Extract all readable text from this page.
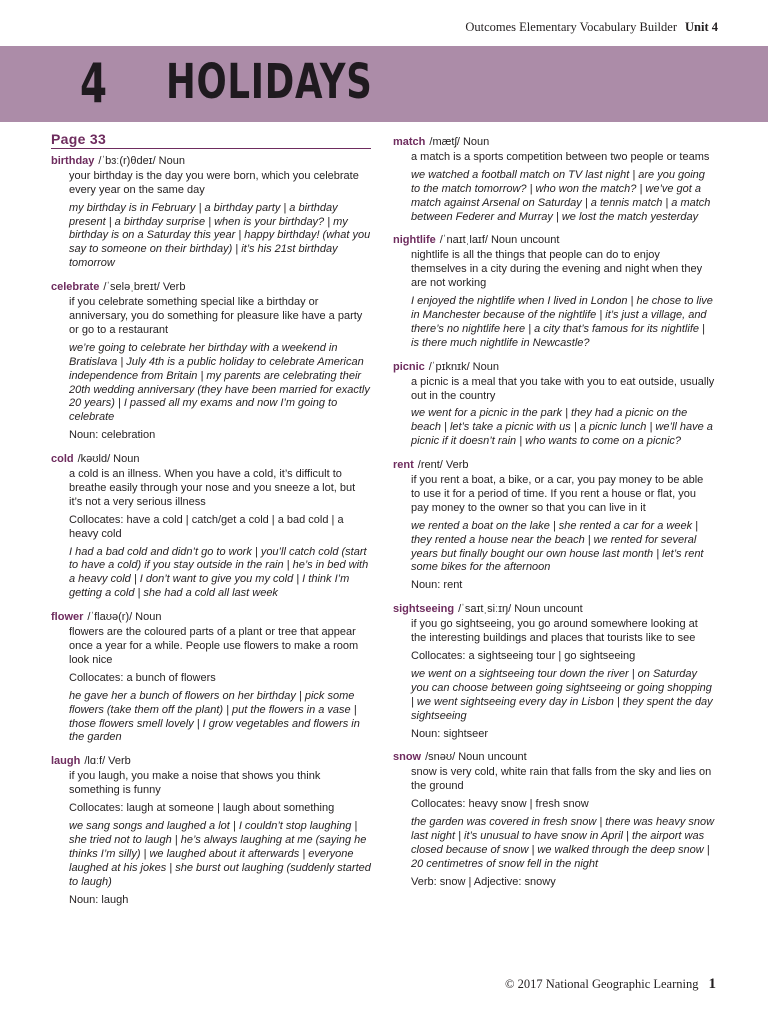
Outcomes Elementary Vocabulary Builder Unit 4
4 HOLIDAYS
Page 33
birthday /ˈbɜː(r)θdeɪ/ Noun
your birthday is the day you were born, which you celebrate every year on the same day
my birthday is in February | a birthday party | a birthday present | a birthday surprise | when is your birthday? | my birthday is on a Saturday this year | happy birthday! (what you say to someone on their birthday) | it’s his 21st birthday tomorrow
celebrate /ˈseləˌbreɪt/ Verb
if you celebrate something special like a birthday or anniversary, you do something for pleasure like have a party or go to a restaurant
we’re going to celebrate her birthday with a weekend in Bratislava | July 4th is a public holiday to celebrate American independence from Britain | my parents are celebrating their 20th wedding anniversary (they have been married for exactly 20 years) | I passed all my exams and now I’m going to celebrate
Noun: celebration
cold /kəʊld/ Noun
a cold is an illness. When you have a cold, it’s difficult to breathe easily through your nose and you sneeze a lot, but it’s not a very serious illness
Collocates: have a cold | catch/get a cold | a bad cold | a heavy cold
I had a bad cold and didn’t go to work | you’ll catch cold (start to have a cold) if you stay outside in the rain | he’s in bed with a heavy cold | I don’t want to give you my cold | I think I’m getting a cold | she had a cold all last week
flower /ˈflaʊə(r)/ Noun
flowers are the coloured parts of a plant or tree that appear once a year for a while. People use flowers to make a room look nice
Collocates: a bunch of flowers
he gave her a bunch of flowers on her birthday | pick some flowers (take them off the plant) | put the flowers in a vase | those flowers smell lovely | I grow vegetables and flowers in the garden
laugh /lɑːf/ Verb
if you laugh, you make a noise that shows you think something is funny
Collocates: laugh at someone | laugh about something
we sang songs and laughed a lot | I couldn’t stop laughing | she tried not to laugh | he’s always laughing at me (saying he thinks I’m silly) | we laughed about it afterwards | everyone laughed at his jokes | she burst out laughing (suddenly started to laugh)
Noun: laugh
match /mætʃ/ Noun
a match is a sports competition between two people or teams
we watched a football match on TV last night | are you going to the match tomorrow? | who won the match? | we’ve got a match against Arsenal on Saturday | a tennis match | a match between Federer and Murray | we lost the match yesterday
nightlife /ˈnaɪtˌlaɪf/ Noun uncount
nightlife is all the things that people can do to enjoy themselves in a city during the evening and night when they are not working
I enjoyed the nightlife when I lived in London | he chose to live in Manchester because of the nightlife | it’s just a village, and there’s no nightlife here | a city that’s famous for its nightlife | is there much nightlife in Newcastle?
picnic /ˈpɪknɪk/ Noun
a picnic is a meal that you take with you to eat outside, usually out in the country
we went for a picnic in the park | they had a picnic on the beach | let’s take a picnic with us | a picnic lunch | we’ll have a picnic if it doesn’t rain | who wants to come on a picnic?
rent /rent/ Verb
if you rent a boat, a bike, or a car, you pay money to be able to use it for a period of time. If you rent a house or flat, you pay money to the owner so that you can live in it
we rented a boat on the lake | she rented a car for a week | they rented a house near the beach | we rented for several years but finally bought our own house last month | let’s rent some bikes for the afternoon
Noun: rent
sightseeing /ˈsaɪtˌsiːɪŋ/ Noun uncount
if you go sightseeing, you go around somewhere looking at the interesting buildings and places that tourists like to see
Collocates: a sightseeing tour | go sightseeing
we went on a sightseeing tour down the river | on Saturday you can choose between going sightseeing or going shopping | we went sightseeing every day in Lisbon | they spent the day sightseeing
Noun: sightseer
snow /snəʊ/ Noun uncount
snow is very cold, white rain that falls from the sky and lies on the ground
Collocates: heavy snow | fresh snow
the garden was covered in fresh snow | there was heavy snow last night | it’s unusual to have snow in April | the airport was closed because of snow | we walked through the deep snow | 20 centimetres of snow fell in the night
Verb: snow | Adjective: snowy
© 2017 National Geographic Learning 1
